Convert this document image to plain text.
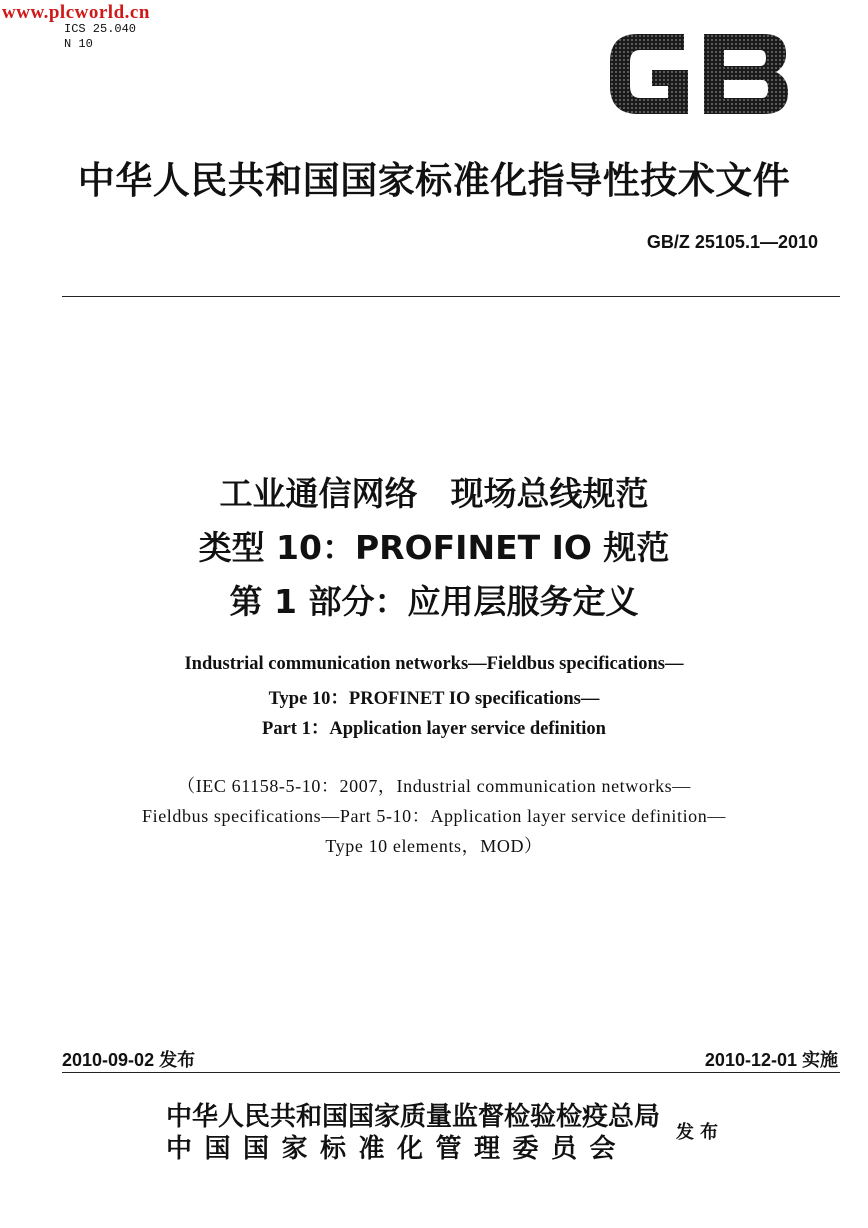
www.plcworld.cn
ICS 25.040
N 10
中华人民共和国国家标准化指导性技术文件
GB/Z 25105.1—2010
工业通信网络　现场总线规范
类型 10：PROFINET IO 规范
第 1 部分：应用层服务定义
Industrial communication networks—Fieldbus specifications—
Type 10：PROFINET IO specifications—
Part 1：Application layer service definition
（IEC 61158-5-10：2007，Industrial communication networks—
Fieldbus specifications—Part 5-10：Application layer service definition—
Type 10 elements，MOD）
2010-09-02 发布	2010-12-01 实施
中华人民共和国国家质量监督检验检疫总局
中国国家标准化管理委员会
发布
